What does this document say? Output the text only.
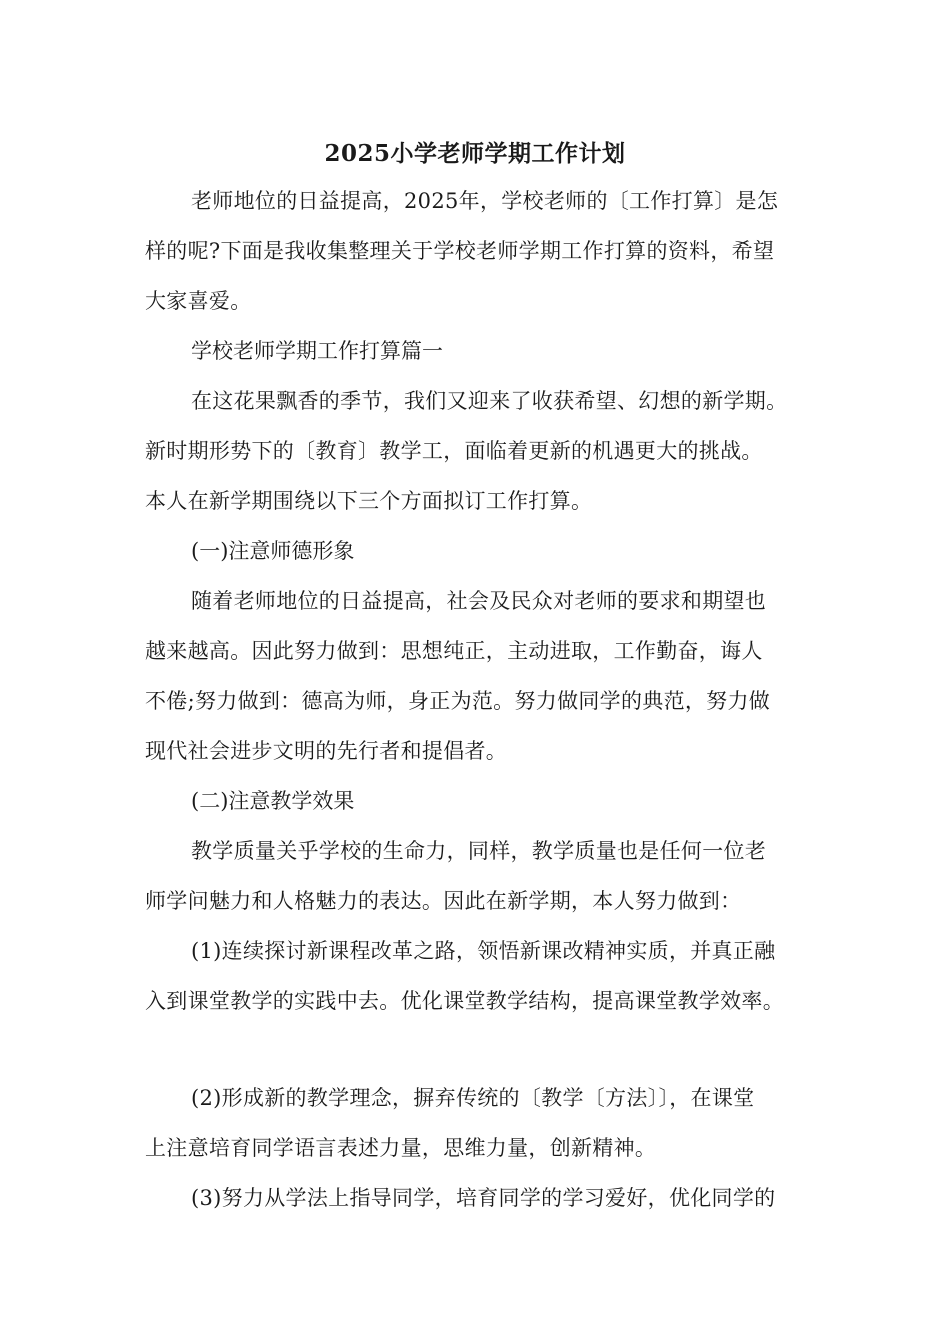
2025小学老师学期工作计划

老师地位的日益提高，2025年，学校老师的〔工作打算〕是怎
样的呢?下面是我收集整理关于学校老师学期工作打算的资料，希望
大家喜爱。

学校老师学期工作打算篇一

在这花果飘香的季节，我们又迎来了收获希望、幻想的新学期。
新时期形势下的〔教育〕教学工，面临着更新的机遇更大的挑战。
本人在新学期围绕以下三个方面拟订工作打算。

(一)注意师德形象

随着老师地位的日益提高，社会及民众对老师的要求和期望也
越来越高。因此努力做到：思想纯正，主动进取，工作勤奋，诲人
不倦;努力做到：德高为师，身正为范。努力做同学的典范，努力做
现代社会进步文明的先行者和提倡者。

(二)注意教学效果

教学质量关乎学校的生命力，同样，教学质量也是任何一位老
师学问魅力和人格魅力的表达。因此在新学期，本人努力做到：

(1)连续探讨新课程改革之路，领悟新课改精神实质，并真正融
入到课堂教学的实践中去。优化课堂教学结构，提高课堂教学效率。

(2)形成新的教学理念，摒弃传统的〔教学〔方法〕〕，在课堂
上注意培育同学语言表述力量，思维力量，创新精神。

(3)努力从学法上指导同学，培育同学的学习爱好，优化同学的
